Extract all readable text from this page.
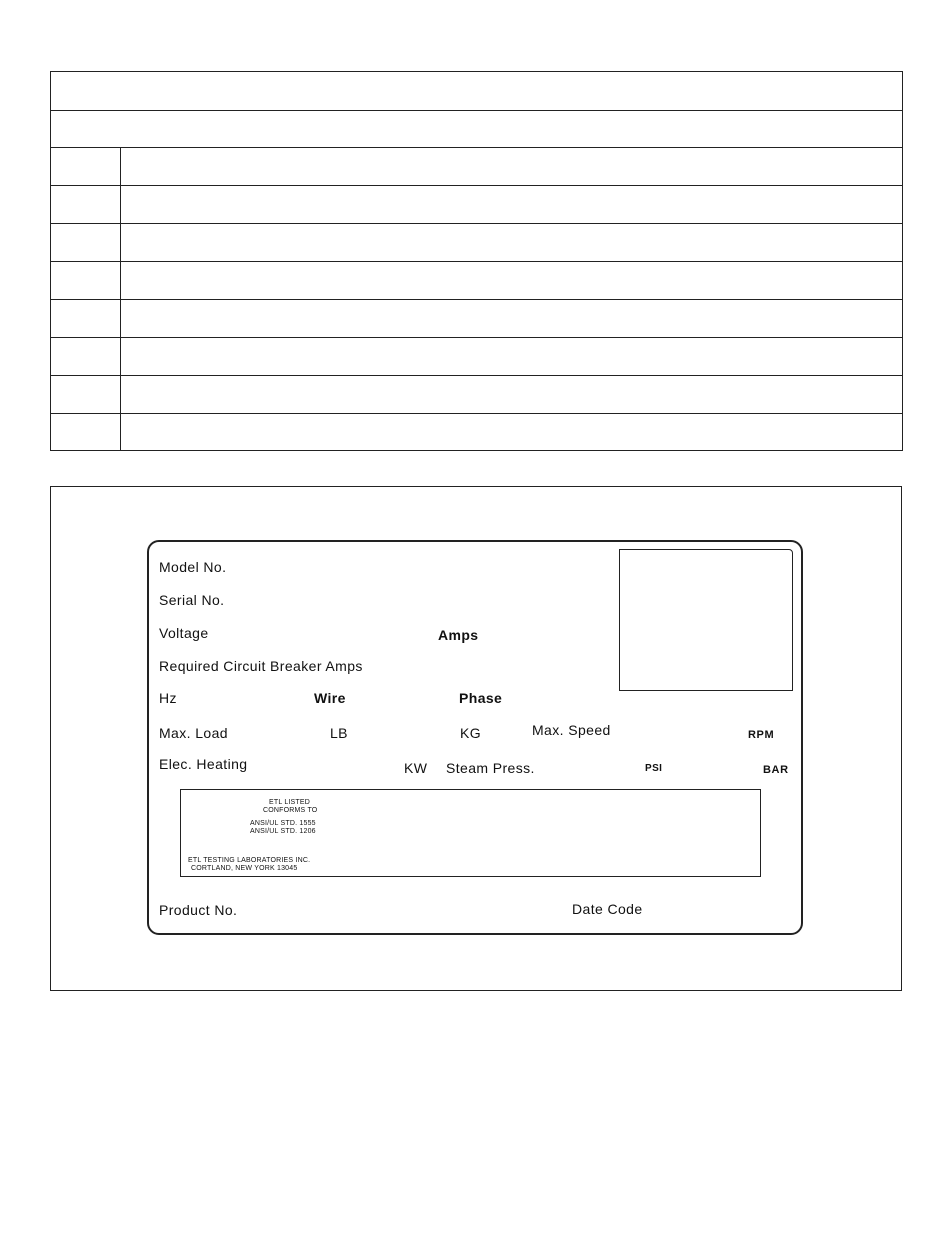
Model No.
Serial No.
Voltage	Amps
Required Circuit Breaker Amps
Hz	Wire	Phase
Max. Load	LB	KG	Max. Speed	RPM
Elec. Heating	KW Steam Press.	PSI	BAR
ETL LISTED
CONFORMS TO
ANSI/UL STD. 1555
ANSI/UL STD. 1206
ETL TESTING LABORATORIES INC.
CORTLAND, NEW YORK 13045
Product No.	Date Code
